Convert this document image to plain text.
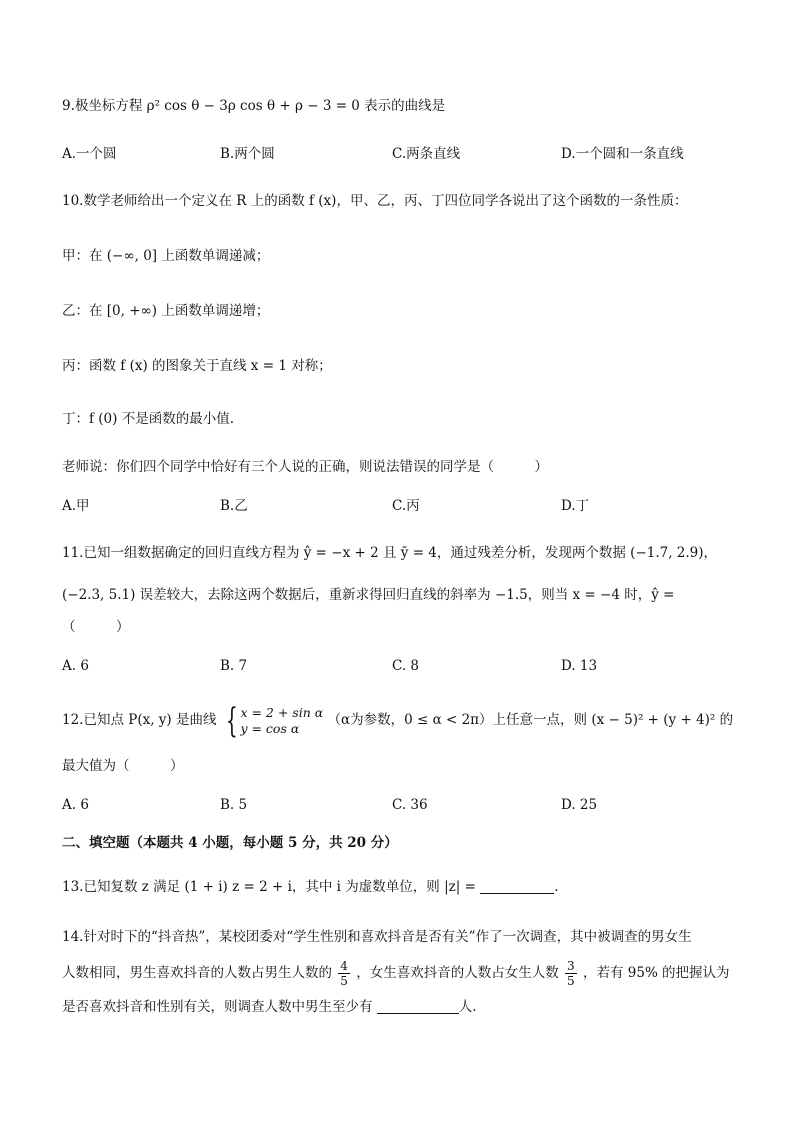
9.极坐标方程 ρ² cos θ − 3ρ cos θ + ρ − 3 = 0 表示的曲线是
A.一个圆	B.两个圆	C.两条直线	D.一个圆和一条直线
10.数学老师给出一个定义在 R 上的函数 f (x)，甲、乙，丙、丁四位同学各说出了这个函数的一条性质：
甲：在 (−∞, 0] 上函数单调递减；
乙：在 [0, +∞) 上函数单调递增；
丙：函数 f (x) 的图象关于直线 x = 1 对称；
丁：f (0) 不是函数的最小值.
老师说：你们四个同学中恰好有三个人说的正确，则说法错误的同学是（　　　）
A.甲	B.乙	C.丙	D.丁
11.已知一组数据确定的回归直线方程为 ŷ = −x + 2 且 ȳ = 4，通过残差分析，发现两个数据 (−1.7, 2.9)，
(−2.3, 5.1) 误差较大，去除这两个数据后，重新求得回归直线的斜率为 −1.5，则当 x = −4 时，ŷ =
（　　　）
A. 6	B. 7	C. 8	D. 13
12.已知点 P(x, y) 是曲线 { x = 2 + sin α
y = cos α	（α为参数，0 ≤ α < 2π）上任意一点，则 (x − 5)² + (y + 4)² 的
最大值为（　　　）
A. 6	B. 5	C. 36	D. 25
二、填空题（本题共 4 小题，每小题 5 分，共 20 分）
13.已知复数 z 满足 (1 + i) z = 2 + i，其中 i 为虚数单位，则 |z| =	.
14.针对时下的“抖音热”，某校团委对“学生性别和喜欢抖音是否有关”作了一次调查，其中被调查的男女生
人数相同，男生喜欢抖音的人数占男生人数的 $\frac{4}{5}$ ，女生喜欢抖音的人数占女生人数 $\frac{3}{5}$ ，若有 95% 的把握认为
是否喜欢抖音和性别有关，则调查人数中男生至少有	人.
